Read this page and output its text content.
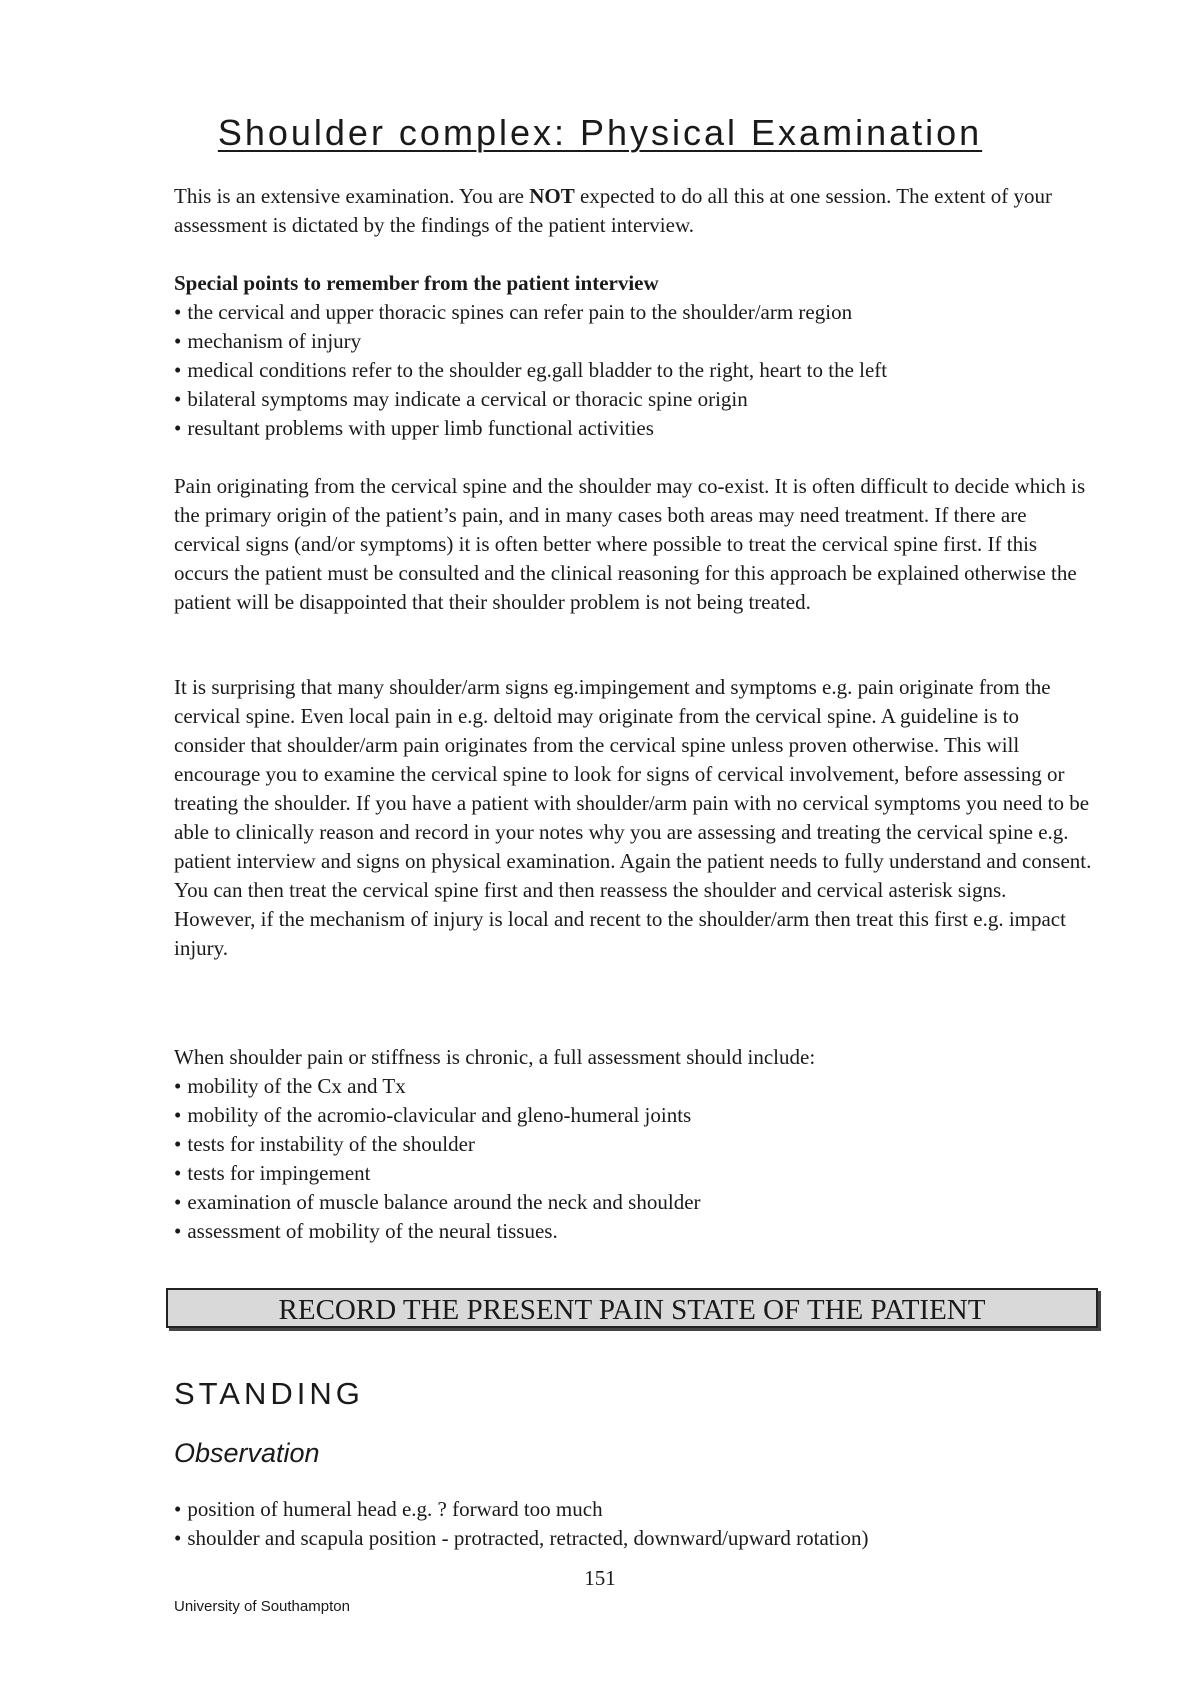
Shoulder complex: Physical Examination

This is an extensive examination. You are NOT expected to do all this at one session. The extent of your assessment is dictated by the findings of the patient interview.

Special points to remember from the patient interview

• the cervical and upper thoracic spines can refer pain to the shoulder/arm region
• mechanism of injury
• medical conditions refer to the shoulder eg.gall bladder to the right, heart to the left
• bilateral symptoms may indicate a cervical or thoracic spine origin
• resultant problems with upper limb functional activities

Pain originating from the cervical spine and the shoulder may co-exist. It is often difficult to decide which is the primary origin of the patient’s pain, and in many cases both areas may need treatment. If there are cervical signs (and/or symptoms) it is often better where possible to treat the cervical spine first. If this occurs the patient must be consulted and the clinical reasoning for this approach be explained otherwise the patient will be disappointed that their shoulder problem is not being treated.

It is surprising that many shoulder/arm signs eg.impingement and symptoms e.g. pain originate from the cervical spine. Even local pain in e.g. deltoid may originate from the cervical spine. A guideline is to consider that shoulder/arm pain originates from the cervical spine unless proven otherwise. This will encourage you to examine the cervical spine to look for signs of cervical involvement, before assessing or treating the shoulder. If you have a patient with shoulder/arm pain with no cervical symptoms you need to be able to clinically reason and record in your notes why you are assessing and treating the cervical spine e.g. patient interview and signs on physical examination. Again the patient needs to fully understand and consent. You can then treat the cervical spine first and then reassess the shoulder and cervical asterisk signs.

However, if the mechanism of injury is local and recent to the shoulder/arm then treat this first e.g. impact injury.

When shoulder pain or stiffness is chronic, a full assessment should include:

• mobility of the Cx and Tx
• mobility of the acromio-clavicular and gleno-humeral joints
• tests for instability of the shoulder
• tests for impingement
• examination of muscle balance around the neck and shoulder
• assessment of mobility of the neural tissues.
RECORD THE PRESENT PAIN STATE OF THE PATIENT
STANDING
Observation
• position of humeral head e.g. ? forward too much
• shoulder and scapula position - protracted, retracted, downward/upward rotation)
151
University of Southampton
